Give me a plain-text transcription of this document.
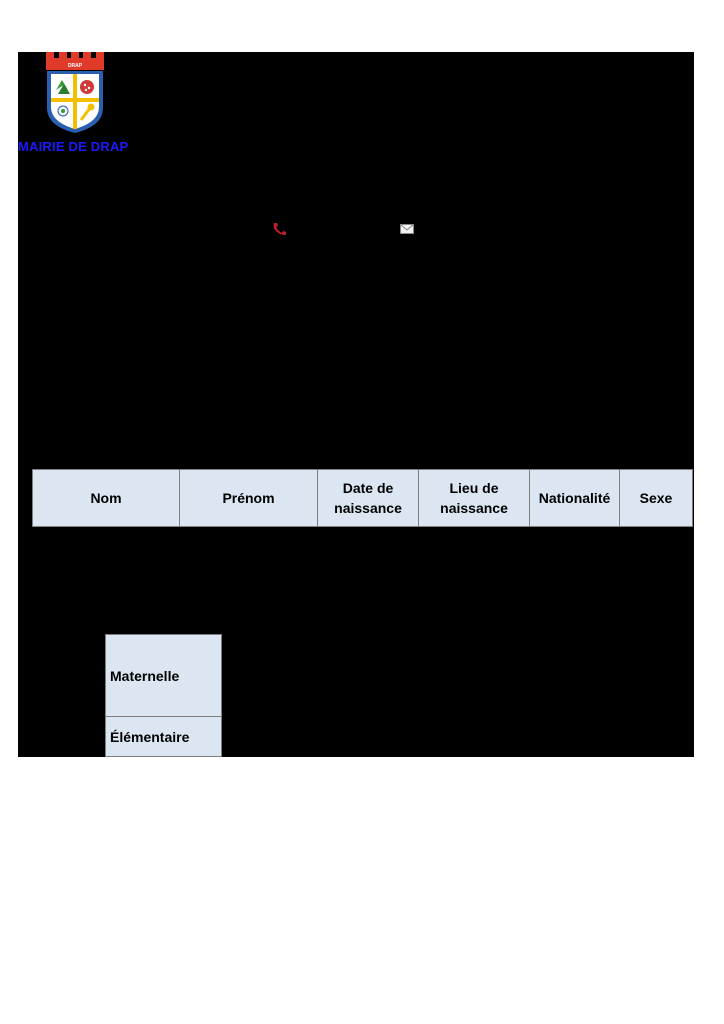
DRAP
MAIRIE DE DRAP
Nom	Prénom	Date de naissance	Lieu de naissance	Nationalité	Sexe
Maternelle
Élémentaire
